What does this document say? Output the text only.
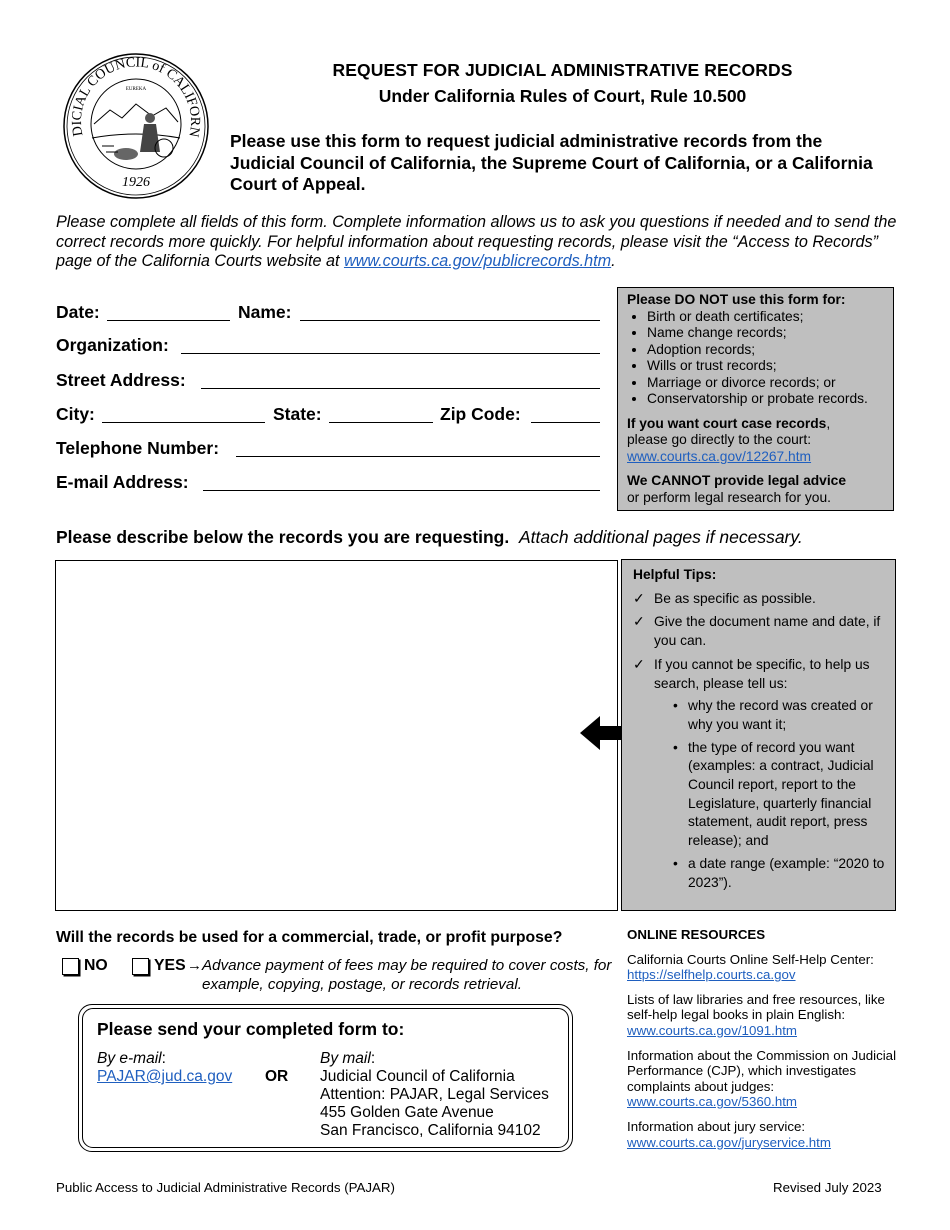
DICIAL COUNCIL of CALIFORN
EUREKA
1926
REQUEST FOR JUDICIAL ADMINISTRATIVE RECORDS
Under California Rules of Court, Rule 10.500
Please use this form to request judicial administrative records from the Judicial Council of California, the Supreme Court of California, or a California Court of Appeal.
Please complete all fields of this form. Complete information allows us to ask you questions if needed and to send the correct records more quickly. For helpful information about requesting records, please visit the “Access to Records” page of the California Courts website at www.courts.ca.gov/publicrecords.htm.
Date:	Name:
Organization:
Street Address:
City:	State:	Zip Code:
Telephone Number:
E-mail Address:
Please DO NOT use this form for:
• Birth or death certificates;
• Name change records;
• Adoption records;
• Wills or trust records;
• Marriage or divorce records; or
• Conservatorship or probate records.

If you want court case records,
please go directly to the court:
www.courts.ca.gov/12267.htm

We CANNOT provide legal advice
or perform legal research for you.

Please describe below the records you are requesting. Attach additional pages if necessary.
Helpful Tips:
✓ Be as specific as possible.
✓ Give the document name and date, if you can.
✓ If you cannot be specific, to help us search, please tell us:
• why the record was created or why you want it;
• the type of record you want (examples: a contract, Judicial Council report, report to the Legislature, quarterly financial statement, audit report, press release); and
• a date range (example: “2020 to 2023”).
Will the records be used for a commercial, trade, or profit purpose?
NO	YES → Advance payment of fees may be required to cover costs, for example, copying, postage, or records retrieval.
Please send your completed form to:
By e-mail:
PAJAR@jud.ca.gov OR
By mail:
Judicial Council of California
Attention: PAJAR, Legal Services
455 Golden Gate Avenue
San Francisco, California 94102

ONLINE RESOURCES

California Courts Online Self-Help Center:
https://selfhelp.courts.ca.gov

Lists of law libraries and free resources, like self-help legal books in plain English:
www.courts.ca.gov/1091.htm

Information about the Commission on Judicial Performance (CJP), which investigates complaints about judges:
www.courts.ca.gov/5360.htm

Information about jury service:
www.courts.ca.gov/juryservice.htm

Public Access to Judicial Administrative Records (PAJAR)	Revised July 2023
